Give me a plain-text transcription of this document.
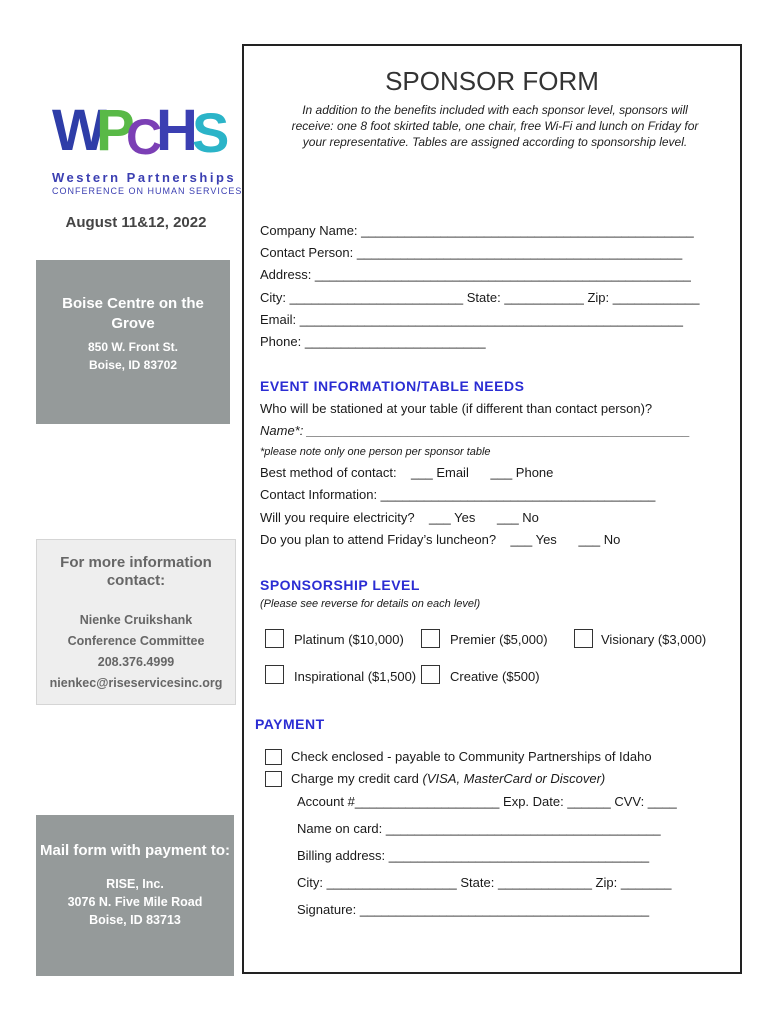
W
P
C H S
Western Partnerships
CONFERENCE ON HUMAN SERVICES
August 11&12, 2022
Boise Centre on the Grove
850 W. Front St.
Boise, ID 83702
For more information contact:
Nienke Cruikshank
Conference Committee
208.376.4999
nienkec@riseservicesinc.org
Mail form with payment to:
RISE, Inc.
3076 N. Five Mile Road
Boise, ID 83713
SPONSOR FORM
In addition to the benefits included with each sponsor level, sponsors will receive: one 8 foot skirted table, one chair, free Wi-Fi and lunch on Friday for your representative. Tables are assigned according to sponsorship level.
Company Name: ______________________________________________
Contact Person: _____________________________________________
Address: ____________________________________________________
City: ________________________ State: ___________ Zip: ____________
Email: _____________________________________________________
Phone: _________________________
EVENT INFORMATION/TABLE NEEDS
Who will be stationed at your table (if different than contact person)?
Name*: _____________________________________________________
*please note only one person per sponsor table
Best method of contact:    ___ Email      ___ Phone
Contact Information: ______________________________________
Will you require electricity?    ___ Yes      ___ No
Do you plan to attend Friday’s luncheon?    ___ Yes      ___ No
SPONSORSHIP LEVEL
(Please see reverse for details on each level)
Platinum ($10,000)	Premier ($5,000)	Visionary ($3,000)
Inspirational ($1,500)	Creative ($500)
PAYMENT
Check enclosed - payable to Community Partnerships of Idaho
Charge my credit card (VISA, MasterCard or Discover)
Account #____________________ Exp. Date: ______ CVV: ____
Name on card: ______________________________________
Billing address: ____________________________________
City: __________________ State: _____________ Zip: _______
Signature: ________________________________________
